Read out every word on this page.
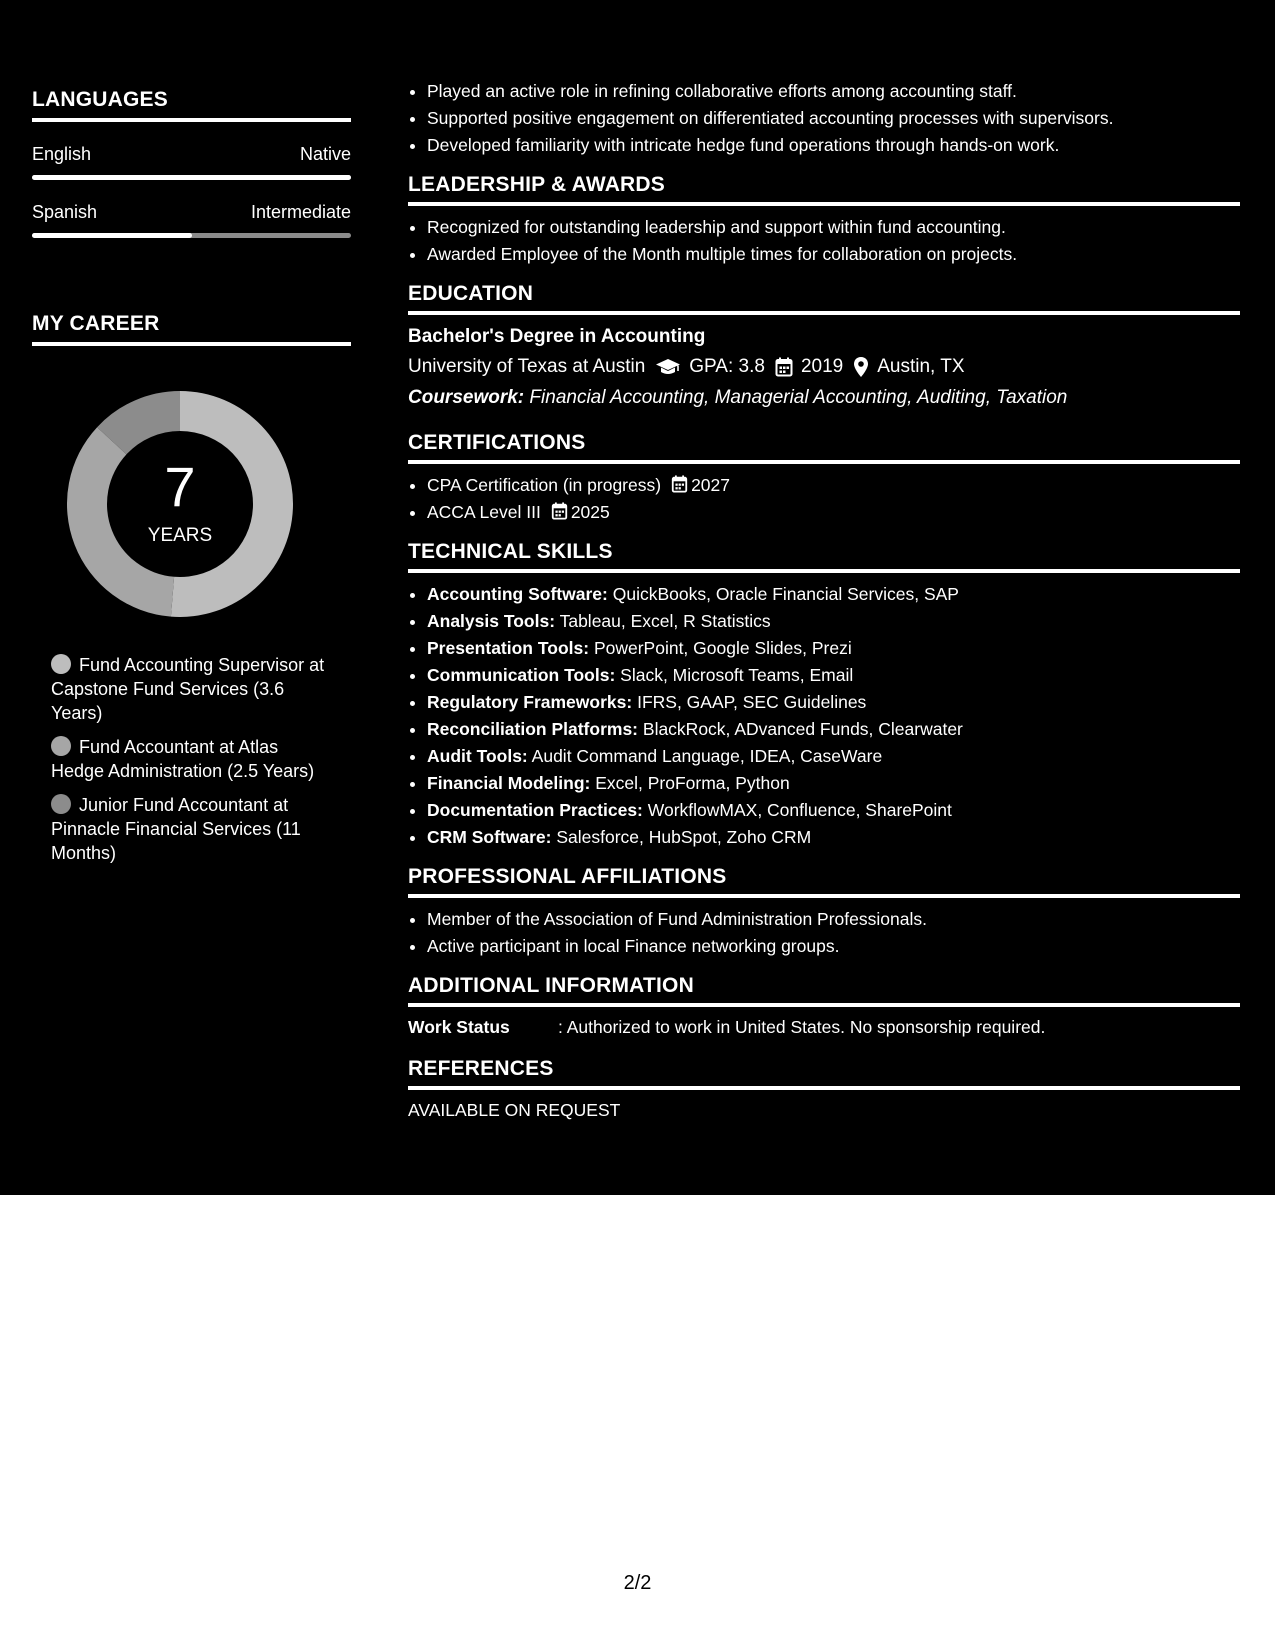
LANGUAGES
English	Native
Spanish	Intermediate
MY CAREER
7
YEARS
Fund Accounting Supervisor at Capstone Fund Services (3.6 Years)
Fund Accountant at Atlas Hedge Administration (2.5 Years)
Junior Fund Accountant at Pinnacle Financial Services (11 Months)
• Played an active role in refining collaborative efforts among accounting staff.
• Supported positive engagement on differentiated accounting processes with supervisors.
• Developed familiarity with intricate hedge fund operations through hands-on work.
LEADERSHIP & AWARDS
• Recognized for outstanding leadership and support within fund accounting.
• Awarded Employee of the Month multiple times for collaboration on projects.
EDUCATION
Bachelor's Degree in Accounting
University of Texas at Austin GPA: 3.8 2019 Austin, TX
Coursework: Financial Accounting, Managerial Accounting, Auditing, Taxation
CERTIFICATIONS
• CPA Certification (in progress) 2027
• ACCA Level III 2025
TECHNICAL SKILLS
• Accounting Software: QuickBooks, Oracle Financial Services, SAP
• Analysis Tools: Tableau, Excel, R Statistics
• Presentation Tools: PowerPoint, Google Slides, Prezi
• Communication Tools: Slack, Microsoft Teams, Email
• Regulatory Frameworks: IFRS, GAAP, SEC Guidelines
• Reconciliation Platforms: BlackRock, ADvanced Funds, Clearwater
• Audit Tools: Audit Command Language, IDEA, CaseWare
• Financial Modeling: Excel, ProForma, Python
• Documentation Practices: WorkflowMAX, Confluence, SharePoint
• CRM Software: Salesforce, HubSpot, Zoho CRM
PROFESSIONAL AFFILIATIONS
• Member of the Association of Fund Administration Professionals.
• Active participant in local Finance networking groups.
ADDITIONAL INFORMATION
Work Status	: Authorized to work in United States. No sponsorship required.
REFERENCES
AVAILABLE ON REQUEST
2/2
